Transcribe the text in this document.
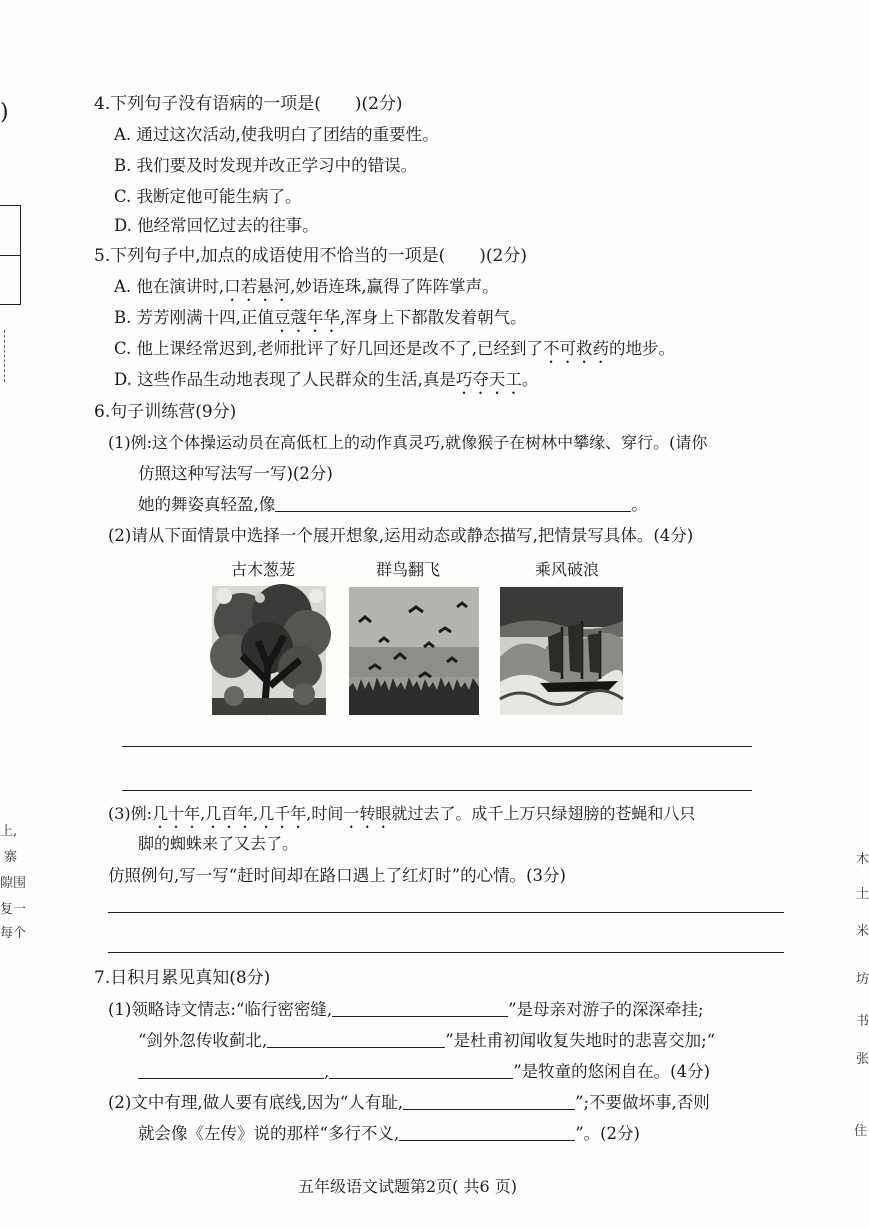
)
上,
寨
隙围
复一
每个
木
土
米
坊
书
张
住
4.下列句子没有语病的一项是(　　)(2分)
A. 通过这次活动,使我明白了团结的重要性。
B. 我们要及时发现并改正学习中的错误。
C. 我断定他可能生病了。
D. 他经常回忆过去的往事。
5.下列句子中,加点的成语使用不恰当的一项是(　　)(2分)
A. 他在演讲时,口若悬河,妙语连珠,赢得了阵阵掌声。
B. 芳芳刚满十四,正值豆蔻年华,浑身上下都散发着朝气。
C. 他上课经常迟到,老师批评了好几回还是改不了,已经到了不可救药的地步。
D. 这些作品生动地表现了人民群众的生活,真是巧夺天工。
6.句子训练营(9分)
(1)例:这个体操运动员在高低杠上的动作真灵巧,就像猴子在树林中攀缘、穿行。(请你
仿照这种写法写一写)(2分)
她的舞姿真轻盈,像	。
(2)请从下面情景中选择一个展开想象,运用动态或静态描写,把情景写具体。(4分)
古木葱茏	群鸟翻飞	乘风破浪
(3)例:几十年,几百年,几千年,时间一转眼就过去了。成千上万只绿翅膀的苍蝇和八只
脚的蜘蛛来了又去了。
仿照例句,写一写“赶时间却在路口遇上了红灯时”的心情。(3分)
7.日积月累见真知(8分)
(1)领略诗文情志:“临行密密缝,	”是母亲对游子的深深牵挂;
“剑外忽传收蓟北,	”是杜甫初闻收复失地时的悲喜交加;“
,	”是牧童的悠闲自在。(4分)
(2)文中有理,做人要有底线,因为“人有耻,	”;不要做坏事,否则
就会像《左传》说的那样“多行不义,	”。(2分)
五年级语文试题第2页( 共6 页)
